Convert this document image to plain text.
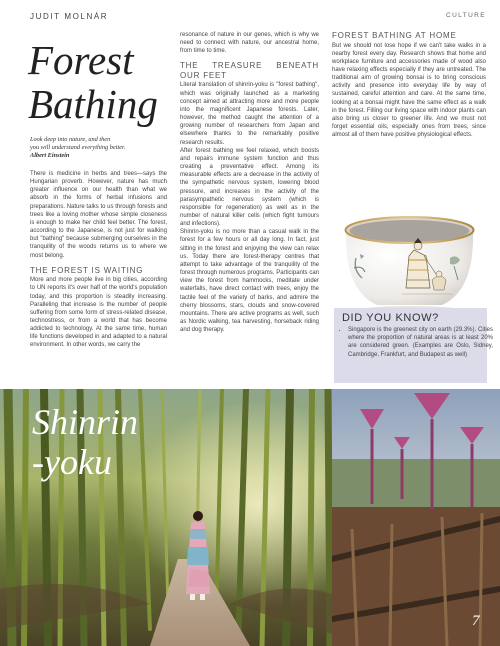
JUDIT MOLNÁR	CULTURE
Forest
Bathing
Look deep into nature, and then
you will understand everything better.
Albert Einstein

There is medicine in herbs and trees—says the Hungarian proverb. However, nature has much greater influence on our health than what we absorb in the forms of herbal infusions and preparations. Nature talks to us through forests and trees like a loving mother whose simple closeness is enough to make her child feel better. The forest, according to the Japanese, is not just for walking but "bathing" because submerging ourselves in the tranquility of the woods returns us to where we most belong.

THE FOREST IS WAITING

More and more people live in big cities, according to UN reports it's over half of the world's population today, and this proportion is steadily increasing. Paralleling that increase is the number of people suffering from some form of stress-related disease, technostress, or from a world that has become addicted to technology. At the same time, human life functions developed in and adapted to a natural environment. In other words, we carry the

resonance of nature in our genes, which is why we need to connect with nature, our ancestral home, from time to time.

THE TREASURE BENEATH OUR FEET

Literal translation of shinrin-yoku is "forest bathing", which was originally launched as a marketing concept aimed at attracting more and more people into the magnificent Japanese forests. Later, however, the method caught the attention of a growing number of researchers from Japan and elsewhere thanks to the remarkably positive research results.

After forest bathing we feel relaxed, which boosts and repairs immune system function and thus creating a preventative effect. Among its measurable effects are a decrease in the activity of the sympathetic nervous system, lowering blood pressure, and increases in the activity of the parasympathetic nervous system (which is responsible for regeneration) as well as in the number of natural killer cells (which fight tumours and infections).

Shinrin-yoku is no more than a casual walk in the forest for a few hours or all day long. In fact, just sitting in the forest and enjoying the view can relax us. Today there are forest-therapy centres that attempt to take advantage of the tranquility of the forest through numerous programs. Participants can view the forest from hammocks, meditate under waterfalls, have direct contact with trees, enjoy the tactile feel of the variety of barks, and admire the cherry blossoms, stars, clouds and snow-covered mountains. There are active programs as well, such as Nordic walking, tea harvesting, horseback riding and dog therapy.

FOREST BATHING AT HOME

But we should not lose hope if we can't take walks in a nearby forest every day. Research shows that home and workplace furniture and accessories made of wood also have relaxing effects especially if they are untreated. The traditional aim of growing bonsai is to bring conscious activity and presence into everyday life by way of sustained, careful attention and care. At the same time, looking at a bonsai might have the same effect as a walk in the forest. Filling our living space with indoor plants can also bring us closer to greener life. And we must not forget essential oils, especially ones from trees, since almost all of them have positive physiological effects.

DID YOU KNOW?
• Singapore is the greenest city on earth (29.3%). Cities where the proportion of natural areas is at least 20% are considered green. (Examples are Oslo, Sidney, Cambridge, Frankfurt, and Budapest as well)
Shinrin
-yoku
7
